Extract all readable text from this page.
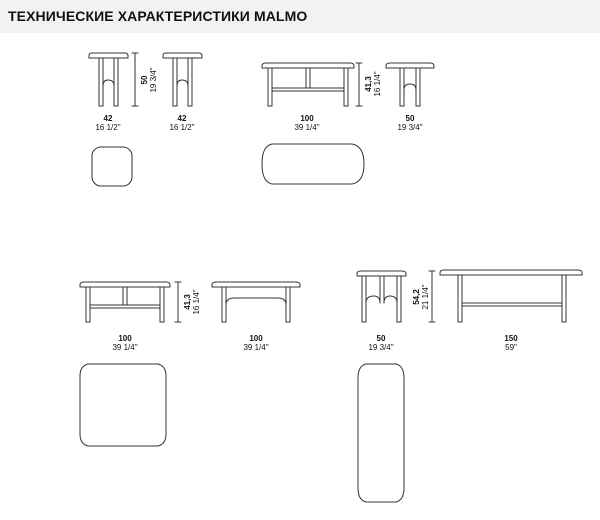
ТЕХНИЧЕСКИЕ ХАРАКТЕРИСТИКИ MALMO
42
16 1/2"
42
16 1/2"
50 19 3/4"
100
39 1/4"
41,3 16 1/4"
50
19 3/4"
100
39 1/4"
41,3 16 1/4"
100
39 1/4"
50
19 3/4"
54,2 21 1/4"
150
59"
